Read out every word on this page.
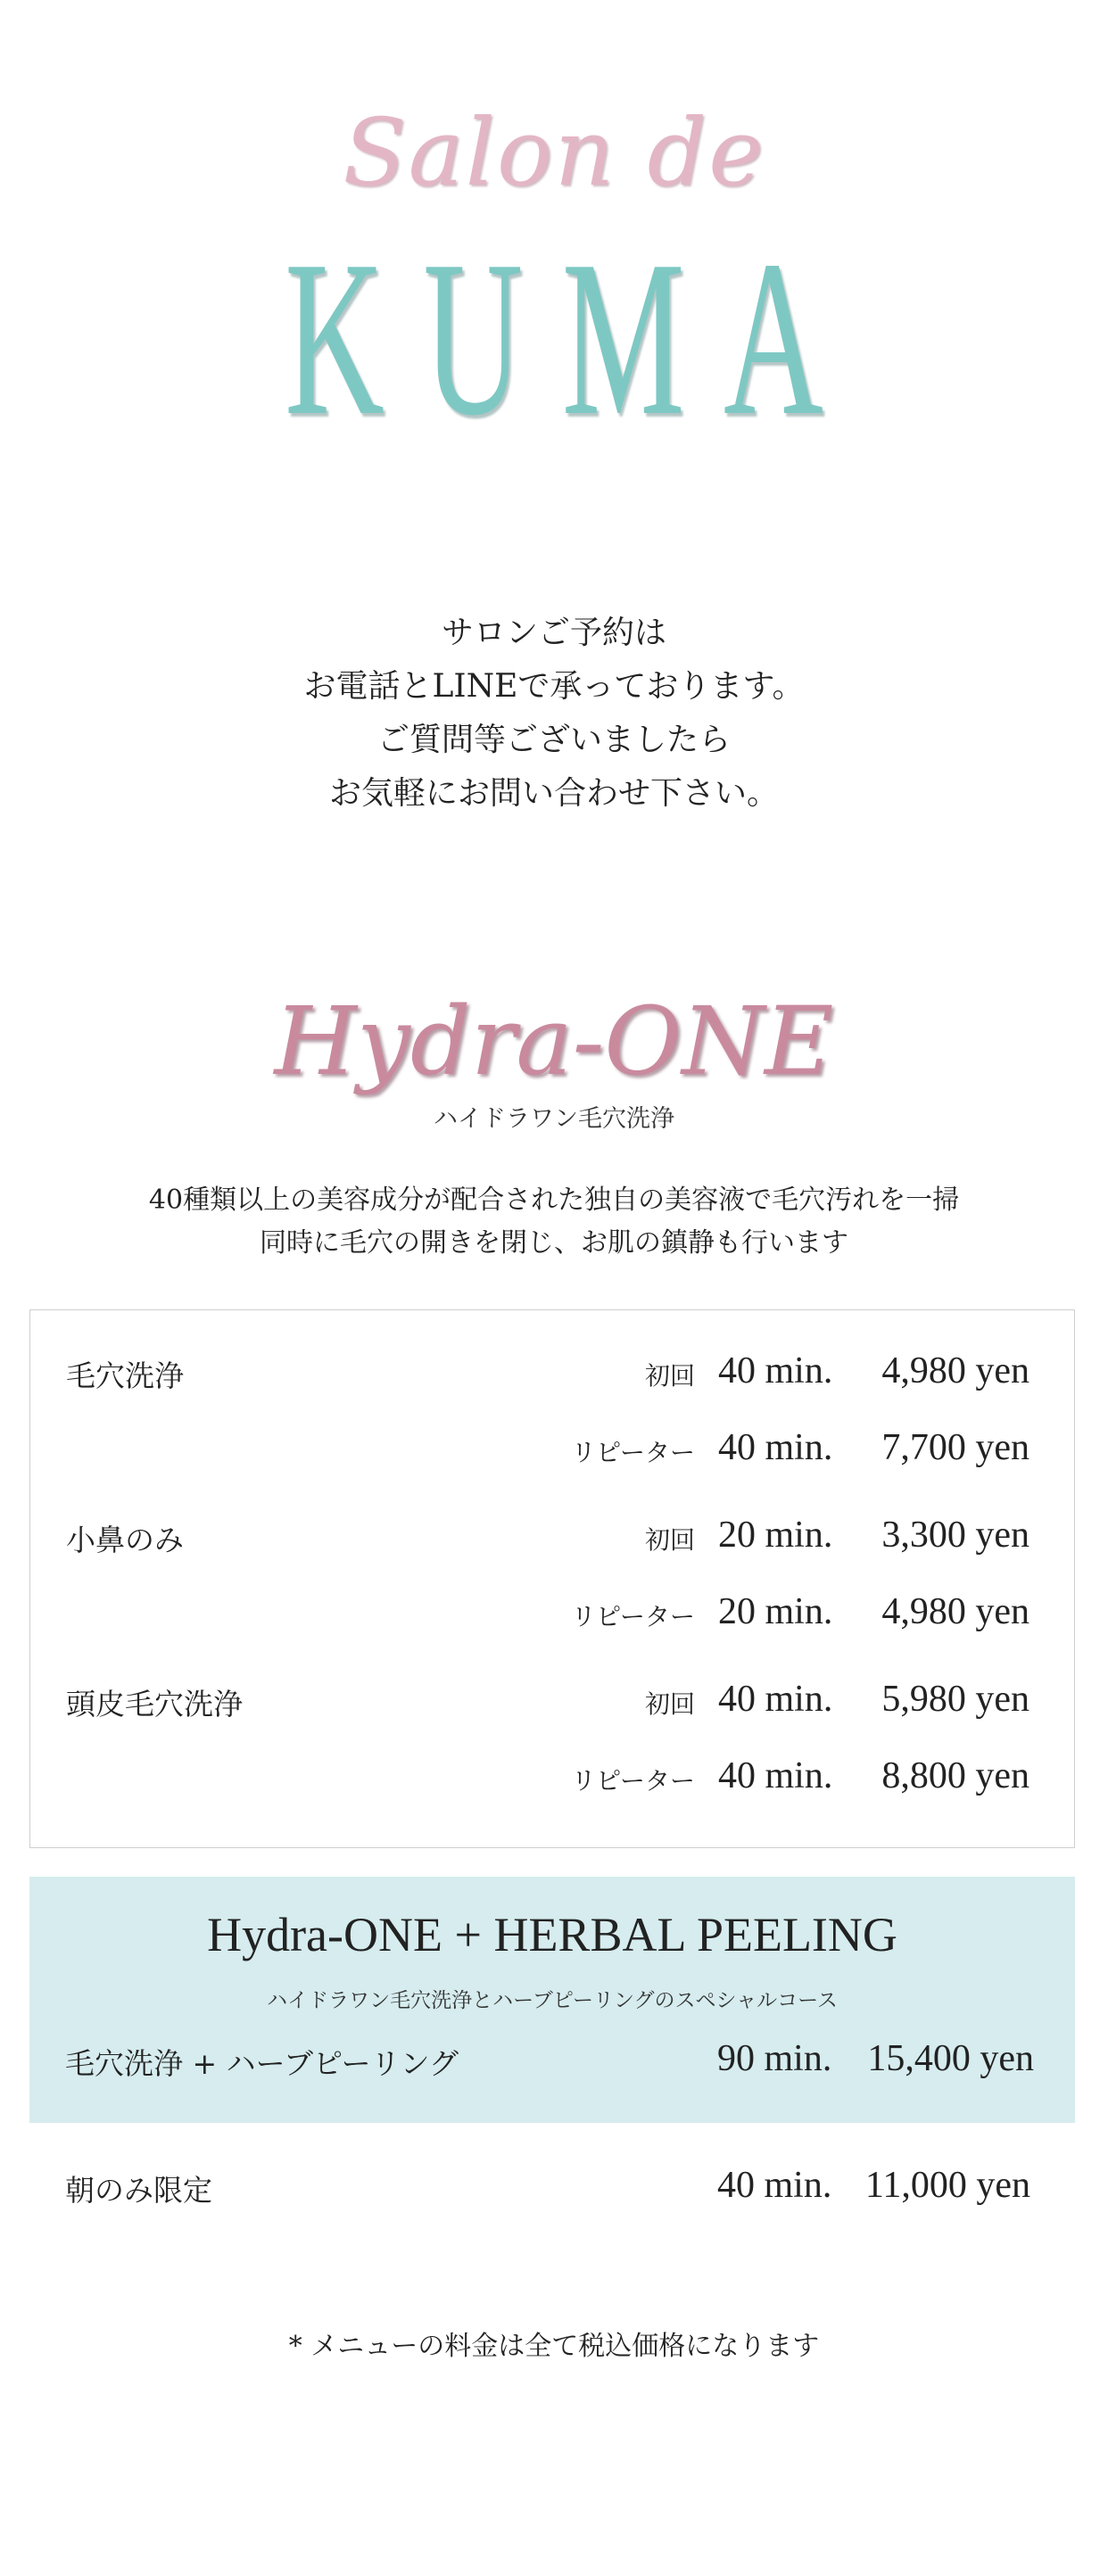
Salon de
KUMA
サロンご予約は
お電話とLINEで承っております。
ご質問等ございましたら
お気軽にお問い合わせ下さい。
Hydra-ONE
ハイドラワン毛穴洗浄
40種類以上の美容成分が配合された独自の美容液で毛穴汚れを一掃
同時に毛穴の開きを閉じ、お肌の鎮静も行います
毛穴洗浄	初回 40 min. 4,980 yen
リピーター 40 min. 7,700 yen
小鼻のみ	初回 20 min. 3,300 yen
リピーター 20 min. 4,980 yen
頭皮毛穴洗浄	初回 40 min. 5,980 yen
リピーター 40 min. 8,800 yen
Hydra-ONE + HERBAL PEELING
ハイドラワン毛穴洗浄とハーブピーリングのスペシャルコース
毛穴洗浄 + ハーブピーリング	90 min. 15,400 yen
朝のみ限定	40 min. 11,000 yen
* メニューの料金は全て税込価格になります
